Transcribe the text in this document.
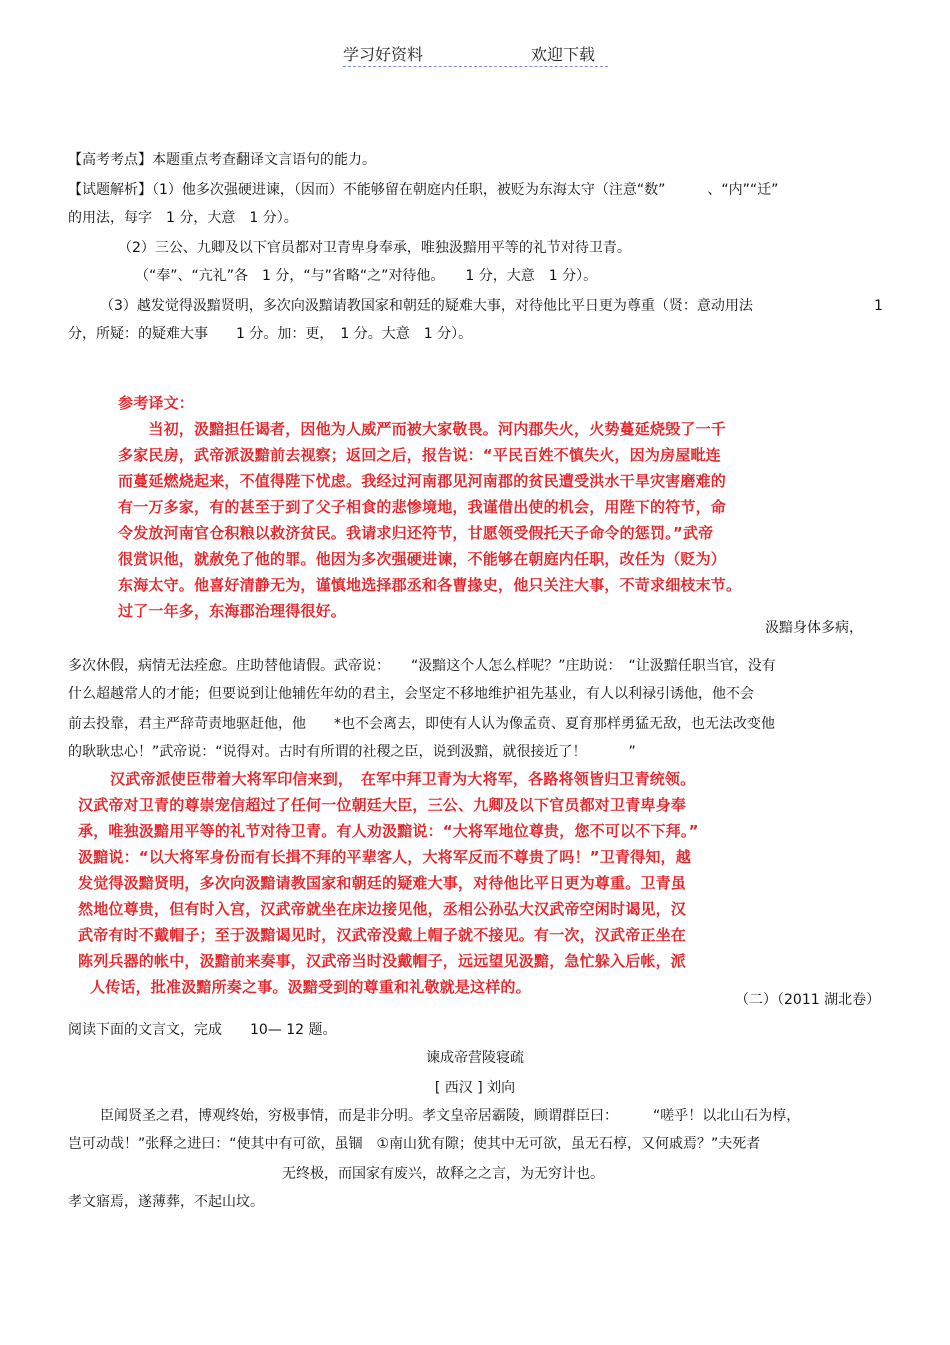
学习好资料	欢迎下载
【高考考点】本题重点考查翻译文言语句的能力。
【试题解析】（1）他多次强硬进谏，（因而）不能够留在朝庭内任职，被贬为东海太守（注意“数”　　　、“内”“迁”
的用法，每字　1 分，大意　1 分）。
（2）三公、九卿及以下官员都对卫青卑身奉承，唯独汲黯用平等的礼节对待卫青。
（“奉”、“亢礼”各　1 分，“与”省略“之”对待他。　　1 分，大意　1 分）。
（3）越发觉得汲黯贤明，多次向汲黯请教国家和朝廷的疑难大事，对待他比平日更为尊重（贤：意动用法	1
分，所疑：的疑难大事　　1 分。加：更，　1 分。大意　1 分）。
参考译文：
　　当初，汲黯担任谒者，因他为人威严而被大家敬畏。河内郡失火，火势蔓延烧毁了一千
多家民房，武帝派汲黯前去视察；返回之后，报告说：“平民百姓不慎失火，因为房屋毗连
而蔓延燃烧起来，不值得陛下忧虑。我经过河南郡见河南郡的贫民遭受洪水干旱灾害磨难的
有一万多家，有的甚至于到了父子相食的悲惨境地，我谨借出使的机会，用陛下的符节，命
令发放河南官仓积粮以救济贫民。我请求归还符节，甘愿领受假托天子命令的惩罚。”武帝
很赏识他，就赦免了他的罪。他因为多次强硬进谏，不能够在朝庭内任职，改任为（贬为）
东海太守。他喜好清静无为，谨慎地选择郡丞和各曹掾史，他只关注大事，不苛求细枝末节。
过了一年多，东海郡治理得很好。
汲黯身体多病，
多次休假，病情无法痊愈。庄助替他请假。武帝说：　　“汲黯这个人怎么样呢？”庄助说：　“让汲黯任职当官，没有
什么超越常人的才能；但要说到让他辅佐年幼的君主，会坚定不移地维护祖先基业，有人以利禄引诱他，他不会
前去投靠，君主严辞苛责地驱赶他，他　　*也不会离去，即使有人认为像孟贲、夏育那样勇猛无敌，也无法改变他
的耿耿忠心！”武帝说：“说得对。古时有所谓的社稷之臣，说到汲黯，就很接近了！　　　”
汉武帝派使臣带着大将军印信来到，　在军中拜卫青为大将军，各路将领皆归卫青统领。
汉武帝对卫青的尊崇宠信超过了任何一位朝廷大臣，三公、九卿及以下官员都对卫青卑身奉
承，唯独汲黯用平等的礼节对待卫青。有人劝汲黯说：“大将军地位尊贵，您不可以不下拜。”
汲黯说：“以大将军身份而有长揖不拜的平辈客人，大将军反而不尊贵了吗！”卫青得知，越
发觉得汲黯贤明，多次向汲黯请教国家和朝廷的疑难大事，对待他比平日更为尊重。卫青虽
然地位尊贵，但有时入宫，汉武帝就坐在床边接见他，丞相公孙弘大汉武帝空闲时谒见，汉
武帝有时不戴帽子；至于汲黯谒见时，汉武帝没戴上帽子就不接见。有一次，汉武帝正坐在
陈列兵器的帐中，汲黯前来奏事，汉武帝当时没戴帽子，远远望见汲黯，急忙躲入后帐，派
人传话，批准汲黯所奏之事。汲黯受到的尊重和礼敬就是这样的。
（二）（2011 湖北卷）
阅读下面的文言文，完成　　10— 12 题。
谏成帝营陵寝疏
[ 西汉 ] 刘向
臣闻贤圣之君，博观终始，穷极事情，而是非分明。孝文皇帝居霸陵，顾谓群臣曰：　　　“嗟乎！以北山石为椁，
岂可动哉！”张释之进曰：“使其中有可欲，虽锢　①南山犹有隙；使其中无可欲，虽无石椁，又何戚焉？”夫死者
无终极，而国家有废兴，故释之之言，为无穷计也。
孝文寤焉，遂薄葬，不起山坟。
